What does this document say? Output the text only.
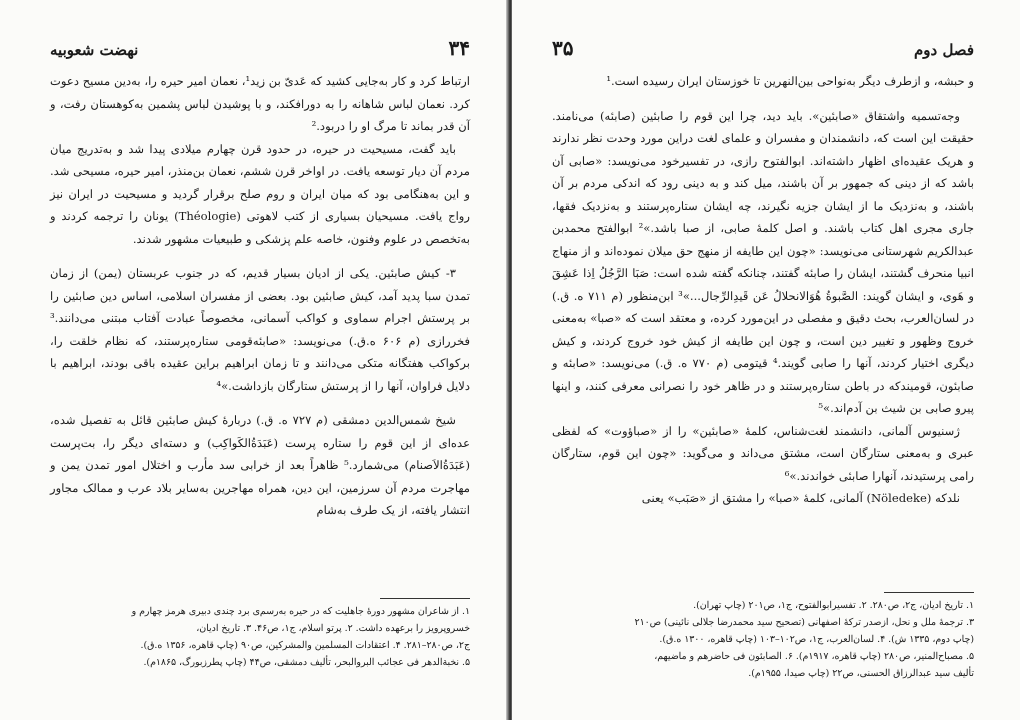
۳۴
نهضت شعوبیه

ارتباط کرد و کار به‌جایی کشید که عَدیّ بن زید¹، نعمان امیر حیره را، به‌دین مسیح دعوت کرد. نعمان لباس شاهانه را به دورافکند، و با پوشیدن لباس پشمین به‌کوهستان رفت، و آن قدر بماند تا مرگ او را دربود.²

باید گفت، مسیحیت در حیره، در حدود قرن چهارم میلادی پیدا شد و به‌تدریج میان مردم آن دیار توسعه یافت. در اواخر قرن ششم، نعمان بن‌منذر، امیر حیره، مسیحی شد. و این به‌هنگامی بود که میان ایران و روم صلح برقرار گردید و مسیحیت در ایران نیز رواج یافت. مسیحیان بسیاری از کتب لاهوتی (Théologie) یونان را ترجمه کردند و به‌تخصص در علوم وفنون، خاصه علم پزشکی و طبیعیات مشهور شدند.

۳- کیش صابئین. یکی از ادیان بسیار قدیم، که در جنوب عربستان (یمن) از زمان تمدن سبا پدید آمد، کیش صابئین بود. بعضی از مفسران اسلامی، اساس دین صابئین را بر پرستش اجرام سماوی و کواکب آسمانی، مخصوصاً عبادت آفتاب مبتنی می‌دانند.³ فخررازی (م ۶۰۶ ه.ق.) می‌نویسد: «صابئه‌قومی ستاره‌پرستند، که نظام خلقت را، برکواکب هفتگانه متکی می‌دانند و تا زمان ابراهیم براین عقیده باقی بودند، ابراهیم با دلایل فراوان، آنها را از پرستش ستارگان بازداشت.»⁴

شیخ شمس‌الدین دمشقی (م ۷۲۷ ه. ق.) دربارهٔ کیش صابئین قائل به تفصیل شده، عده‌ای از این قوم را ستاره پرست (عَبَدَةُ‌الکَواکِب) و دسته‌ای دیگر را، بت‌پرست (عَبَدَةُ‌الاَصنام) می‌شمارد.⁵ ظاهراً بعد از خرابی سد مأرب و اختلال امور تمدن یمن و مهاجرت مردم آن سرزمین، این دین، همراه مهاجرین به‌سایر بلاد عرب و ممالک مجاور انتشار یافته، از یک طرف به‌شام

۱. از شاعران مشهور دورهٔ جاهلیت که در حیره به‌رسم‌ی برد چندی دبیری هرمز چهارم و
خسروپرویز را برعهده داشت. ۲. پرتو اسلام، ج۱، ص۴۶. ۳. تاریخ ادیان،
ج۲، ص۲۸۰–۲۸۱. ۴. اعتقادات المسلمین والمشرکین، ص۹۰ (چاپ قاهره، ۱۳۵۶ ه.ق).
۵. نخبةالدهر فی عجائب البروالبحر، تألیف دمشقی، ص۴۴ (چاپ پطرزبورگ، ۱۸۶۵م).
فصل دوم
۳۵

و حبشه، و ازطرف دیگر به‌نواحی بین‌النهرین تا خوزستان ایران رسیده است.¹

وجه‌تسمیه واشتقاق «صابئین». باید دید، چرا این قوم را صابئین (صابئه) می‌نامند. حقیقت این است که، دانشمندان و مفسران و علمای لغت دراین مورد وحدت نظر ندارند و هریک عقیده‌ای اظهار داشته‌اند. ابوالفتوح رازی، در تفسیرخود می‌نویسد: «صابی آن باشد که از دینی که جمهور بر آن باشند، میل کند و به دینی رود که اندکی مردم بر آن باشند، و به‌نزدیک ما از ایشان جزیه نگیرند، چه ایشان ستاره‌پرستند و به‌نزدیک فقها، جاری مجری اهل کتاب باشند. و اصل کلمهٔ صابی، از صبا باشد.»² ابوالفتح محمدبن عبدالکریم شهرستانی می‌نویسد: «چون این طایفه از منهج حق میلان نموده‌اند و از منهاج انبیا منحرف گشتند، ایشان را صابئه گفتند، چنانکه گفته شده است: صَبَا الرَّجُلُ اِذا عَشِقَ و هَوی، و ایشان گویند: الصَّبوةُ هُوَالانحلالُ عَن قَیدِالرِّجال...»³ ابن‌منظور (م ۷۱۱ ه. ق.) در لسان‌العرب، بحث دقیق و مفصلی در این‌مورد کرده، و معتقد است که «صبا» به‌معنی خروج وظهور و تغییر دین است، و چون این طایفه از کیش خود خروج کردند، و کیش دیگری اختیار کردند، آنها را صابی گویند.⁴ قیتومی (م ۷۷۰ ه. ق.) می‌نویسد: «صابئه و صابئون، قومیندکه در باطن ستاره‌پرستند و در ظاهر خود را نصرانی معرفی کنند، و اینها پیرو صابی بن شیث بن آدم‌اند.»⁵

ژسنیوس آلمانی، دانشمند لغت‌شناس، کلمهٔ «صابئین» را از «صباؤوت» که لفظی عبری و به‌معنی ستارگان است، مشتق می‌داند و می‌گوید: «چون این قوم، ستارگان رامی پرستیدند، آنهارا صابئی خواندند.»⁶

نلدکه (Nöledeke) آلمانی، کلمهٔ «صبا» را مشتق از «صَبَب» یعنی

۱. تاریخ ادیان، ج۲، ص۲۸۰. ۲. تفسیرابوالفتوح، ج۱، ص۲۰۱ (چاپ تهران).
۳. ترجمهٔ ملل و نحل، ازصدر ترکهٔ اصفهانی (تصحیح سید محمدرضا جلالی نائینی) ص۲۱۰
(چاپ دوم، ۱۳۳۵ ش). ۴. لسان‌العرب، ج۱، ص۱۰۲–۱۰۳ (چاپ قاهره، ۱۳۰۰ ه.ق).
۵. مصباح‌المنیر، ص۲۸۰ (چاپ قاهره، ۱۹۱۷م). ۶. الصابئون فی حاضرهم و ماضیهم،
تألیف سید عبدالرزاق الحسنی، ص۲۲ (چاپ صیدا، ۱۹۵۵م).
